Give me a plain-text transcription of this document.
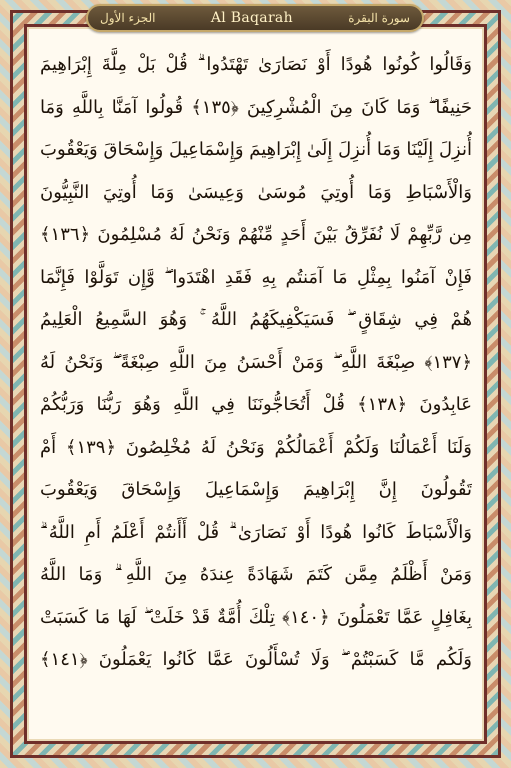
الجزء الأول	Al Baqarah	سورة البقرة
وَقَالُوا كُونُوا هُودًا أَوْ نَصَارَىٰ تَهْتَدُوا ۗ قُلْ بَلْ مِلَّةَ إِبْرَاهِيمَ
حَنِيفًا ۖ وَمَا كَانَ مِنَ الْمُشْرِكِينَ ﴿١٣٥﴾ قُولُوا آمَنَّا بِاللَّهِ وَمَا
أُنزِلَ إِلَيْنَا وَمَا أُنزِلَ إِلَىٰ إِبْرَاهِيمَ وَإِسْمَاعِيلَ وَإِسْحَاقَ وَيَعْقُوبَ
وَالْأَسْبَاطِ وَمَا أُوتِيَ مُوسَىٰ وَعِيسَىٰ وَمَا أُوتِيَ النَّبِيُّونَ
مِن رَّبِّهِمْ لَا نُفَرِّقُ بَيْنَ أَحَدٍ مِّنْهُمْ وَنَحْنُ لَهُ مُسْلِمُونَ ﴿١٣٦﴾
فَإِنْ آمَنُوا بِمِثْلِ مَا آمَنتُم بِهِ فَقَدِ اهْتَدَوا ۖ وَّإِن تَوَلَّوْا فَإِنَّمَا
هُمْ فِي شِقَاقٍ ۖ فَسَيَكْفِيكَهُمُ اللَّهُ ۚ وَهُوَ السَّمِيعُ الْعَلِيمُ
﴿١٣٧﴾ صِبْغَةَ اللَّهِ ۖ وَمَنْ أَحْسَنُ مِنَ اللَّهِ صِبْغَةً ۖ وَنَحْنُ لَهُ
عَابِدُونَ ﴿١٣٨﴾ قُلْ أَتُحَاجُّونَنَا فِي اللَّهِ وَهُوَ رَبُّنَا وَرَبُّكُمْ
وَلَنَا أَعْمَالُنَا وَلَكُمْ أَعْمَالُكُمْ وَنَحْنُ لَهُ مُخْلِصُونَ ﴿١٣٩﴾ أَمْ
تَقُولُونَ إِنَّ إِبْرَاهِيمَ وَإِسْمَاعِيلَ وَإِسْحَاقَ وَيَعْقُوبَ
وَالْأَسْبَاطَ كَانُوا هُودًا أَوْ نَصَارَىٰ ۗ قُلْ أَأَنتُمْ أَعْلَمُ أَمِ اللَّهُ ۗ
وَمَنْ أَظْلَمُ مِمَّن كَتَمَ شَهَادَةً عِندَهُ مِنَ اللَّهِ ۗ وَمَا اللَّهُ
بِغَافِلٍ عَمَّا تَعْمَلُونَ ﴿١٤٠﴾ تِلْكَ أُمَّةٌ قَدْ خَلَتْ ۖ لَهَا مَا كَسَبَتْ
وَلَكُم مَّا كَسَبْتُمْ ۖ وَلَا تُسْأَلُونَ عَمَّا كَانُوا يَعْمَلُونَ ﴿١٤١﴾
